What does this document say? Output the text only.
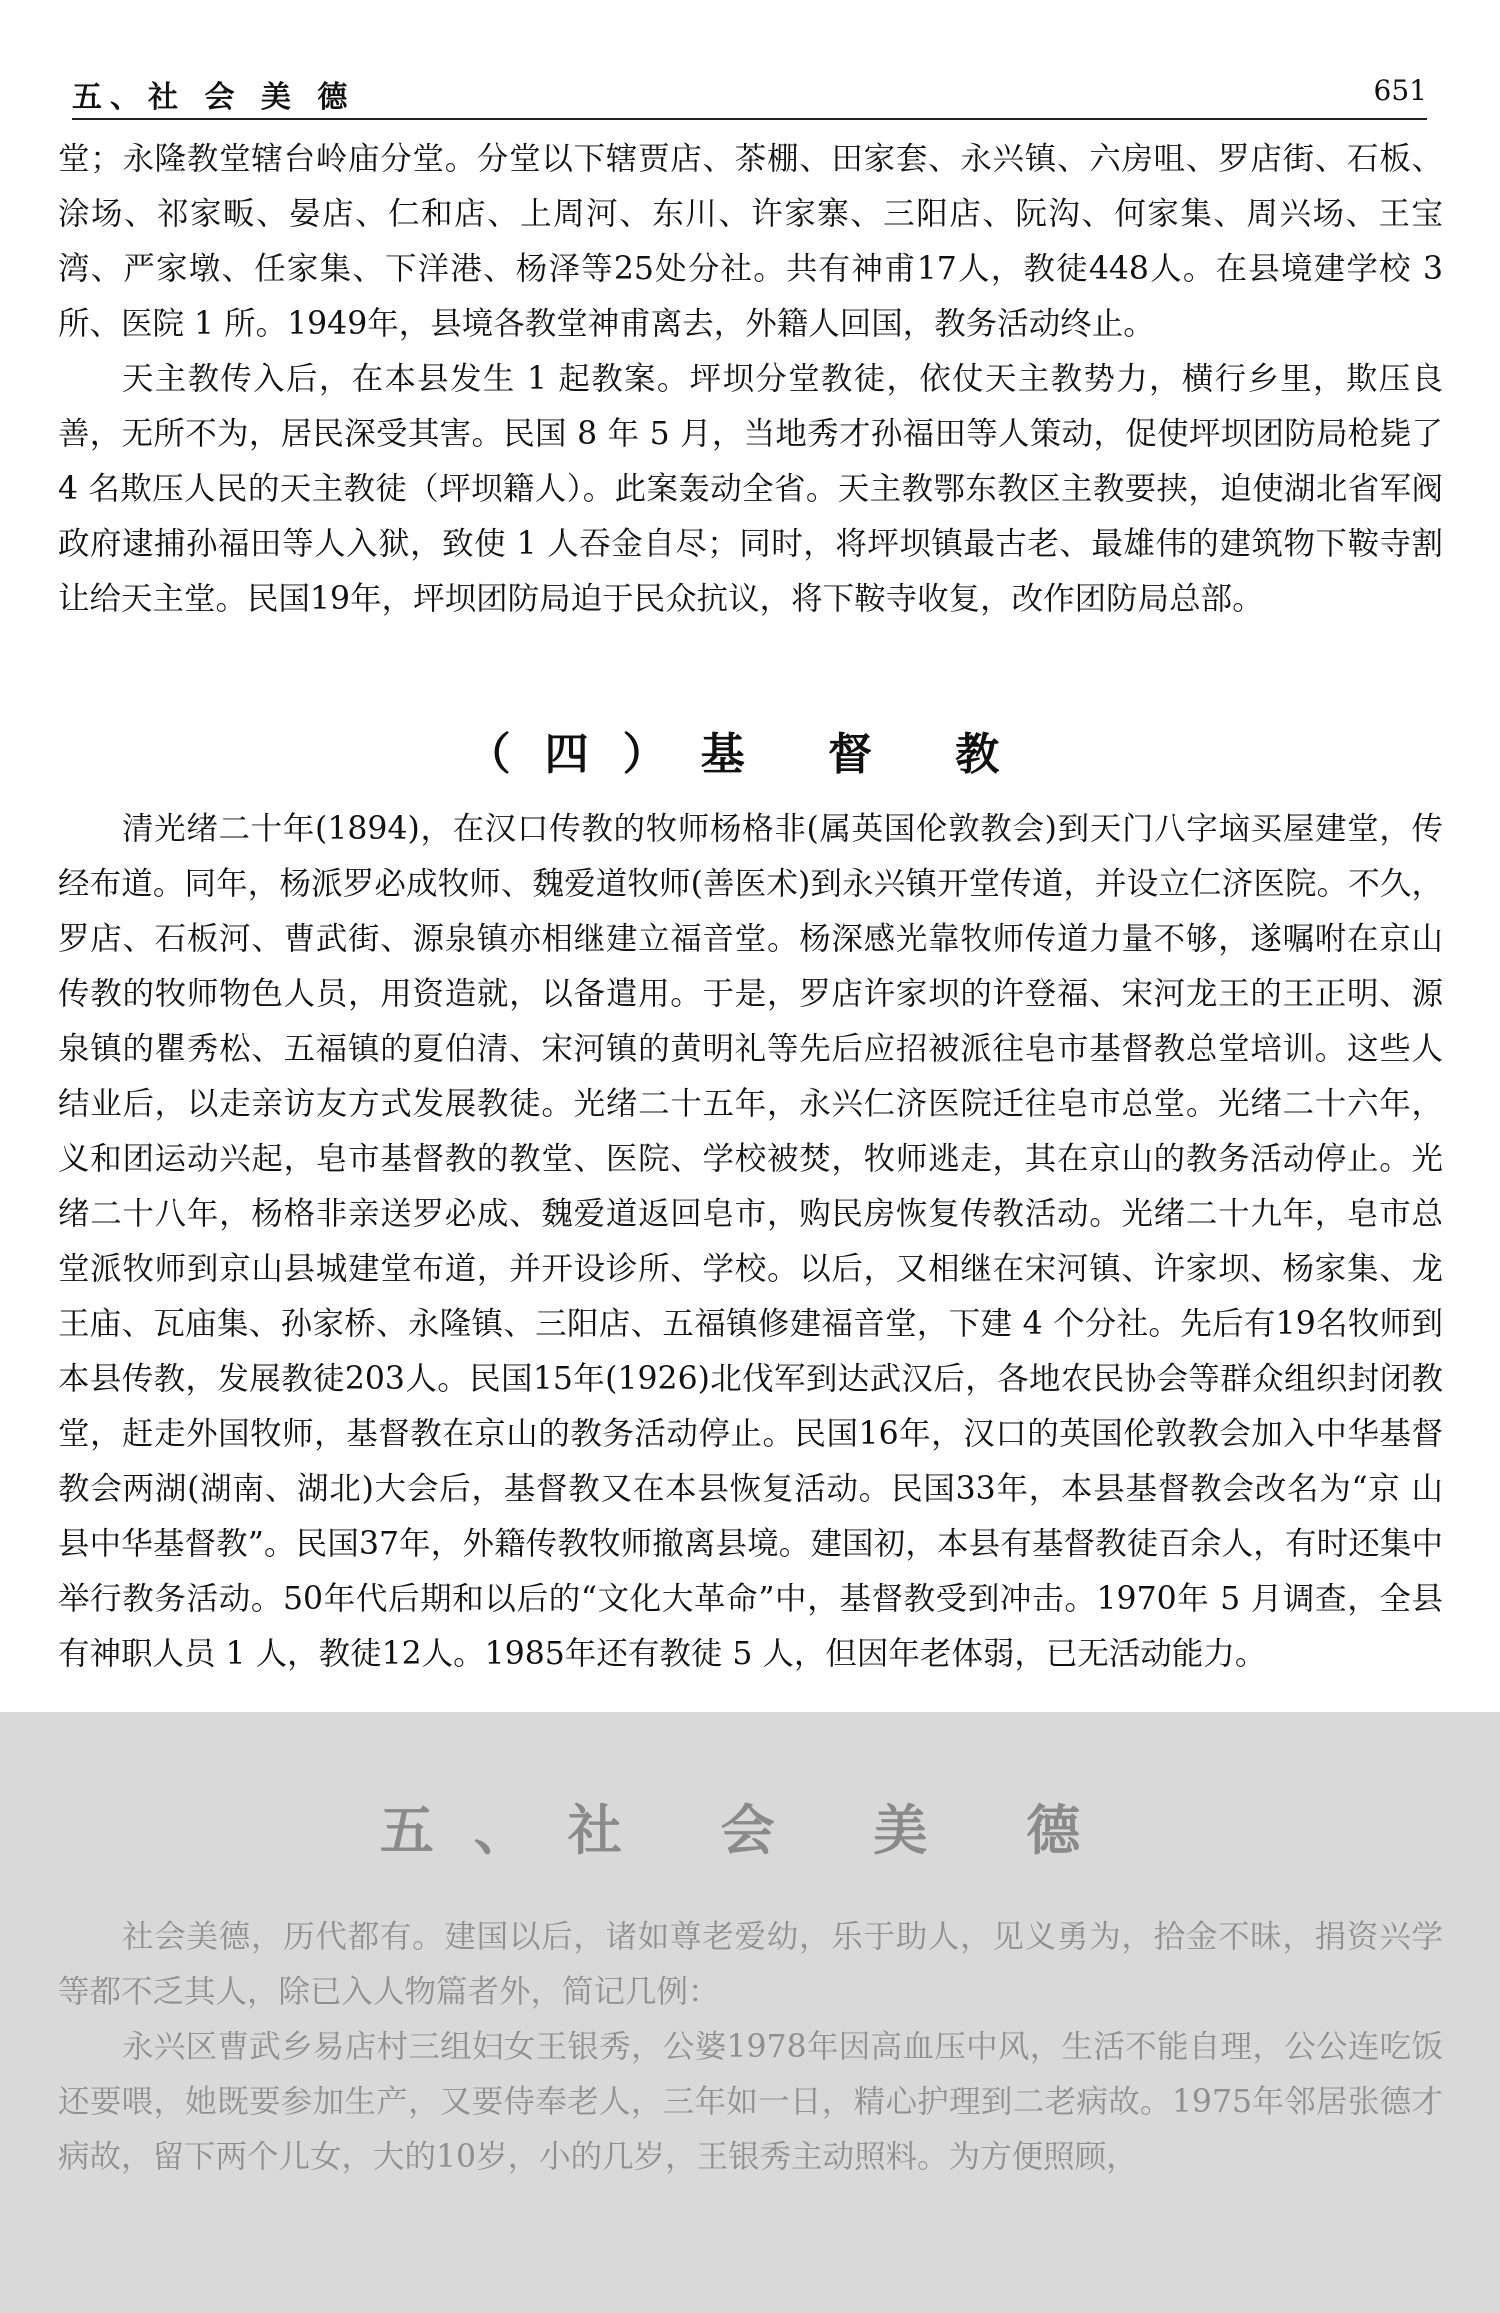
五、社 会 美 德	651

堂；永隆教堂辖台岭庙分堂。分堂以下辖贾店、茶棚、田家套、永兴镇、六房咀、罗店街、石板、涂场、祁家畈、晏店、仁和店、上周河、东川、许家寨、三阳店、阮沟、何家集、周兴场、王宝湾、严家墩、任家集、下洋港、杨泽等25处分社。共有神甫17人，教徒448人。在县境建学校 3 所、医院 1 所。1949年，县境各教堂神甫离去，外籍人回国，教务活动终止。

天主教传入后，在本县发生 1 起教案。坪坝分堂教徒，依仗天主教势力，横行乡里，欺压良善，无所不为，居民深受其害。民国 8 年 5 月，当地秀才孙福田等人策动，促使坪坝团防局枪毙了 4 名欺压人民的天主教徒（坪坝籍人）。此案轰动全省。天主教鄂东教区主教要挟，迫使湖北省军阀政府逮捕孙福田等人入狱，致使 1 人吞金自尽；同时，将坪坝镇最古老、最雄伟的建筑物下鞍寺割让给天主堂。民国19年，坪坝团防局迫于民众抗议，将下鞍寺收复，改作团防局总部。

（四）基 督 教

清光绪二十年(1894)，在汉口传教的牧师杨格非(属英国伦敦教会)到天门八字垴买屋建堂，传经布道。同年，杨派罗必成牧师、魏爱道牧师(善医术)到永兴镇开堂传道，并设立仁济医院。不久，罗店、石板河、曹武街、源泉镇亦相继建立福音堂。杨深感光靠牧师传道力量不够，遂嘱咐在京山传教的牧师物色人员，用资造就，以备遣用。于是，罗店许家坝的许登福、宋河龙王的王正明、源泉镇的瞿秀松、五福镇的夏伯清、宋河镇的黄明礼等先后应招被派往皂市基督教总堂培训。这些人结业后，以走亲访友方式发展教徒。光绪二十五年，永兴仁济医院迁往皂市总堂。光绪二十六年，义和团运动兴起，皂市基督教的教堂、医院、学校被焚，牧师逃走，其在京山的教务活动停止。光绪二十八年，杨格非亲送罗必成、魏爱道返回皂市，购民房恢复传教活动。光绪二十九年，皂市总堂派牧师到京山县城建堂布道，并开设诊所、学校。以后，又相继在宋河镇、许家坝、杨家集、龙王庙、瓦庙集、孙家桥、永隆镇、三阳店、五福镇修建福音堂，下建 4 个分社。先后有19名牧师到本县传教，发展教徒203人。民国15年(1926)北伐军到达武汉后，各地农民协会等群众组织封闭教堂，赶走外国牧师，基督教在京山的教务活动停止。民国16年，汉口的英国伦敦教会加入中华基督教会两湖(湖南、湖北)大会后，基督教又在本县恢复活动。民国33年，本县基督教会改名为“京 山 县中华基督教”。民国37年，外籍传教牧师撤离县境。建国初，本县有基督教徒百余人，有时还集中举行教务活动。50年代后期和以后的“文化大革命”中，基督教受到冲击。1970年 5 月调查，全县有神职人员 1 人，教徒12人。1985年还有教徒 5 人，但因年老体弱，已无活动能力。

五、社 会 美 德

社会美德，历代都有。建国以后，诸如尊老爱幼，乐于助人，见义勇为，拾金不昧，捐资兴学等都不乏其人，除已入人物篇者外，简记几例：

永兴区曹武乡易店村三组妇女王银秀，公婆1978年因高血压中风，生活不能自理，公公连吃饭还要喂，她既要参加生产，又要侍奉老人，三年如一日，精心护理到二老病故。1975年邻居张德才病故，留下两个儿女，大的10岁，小的几岁，王银秀主动照料。为方便照顾，
